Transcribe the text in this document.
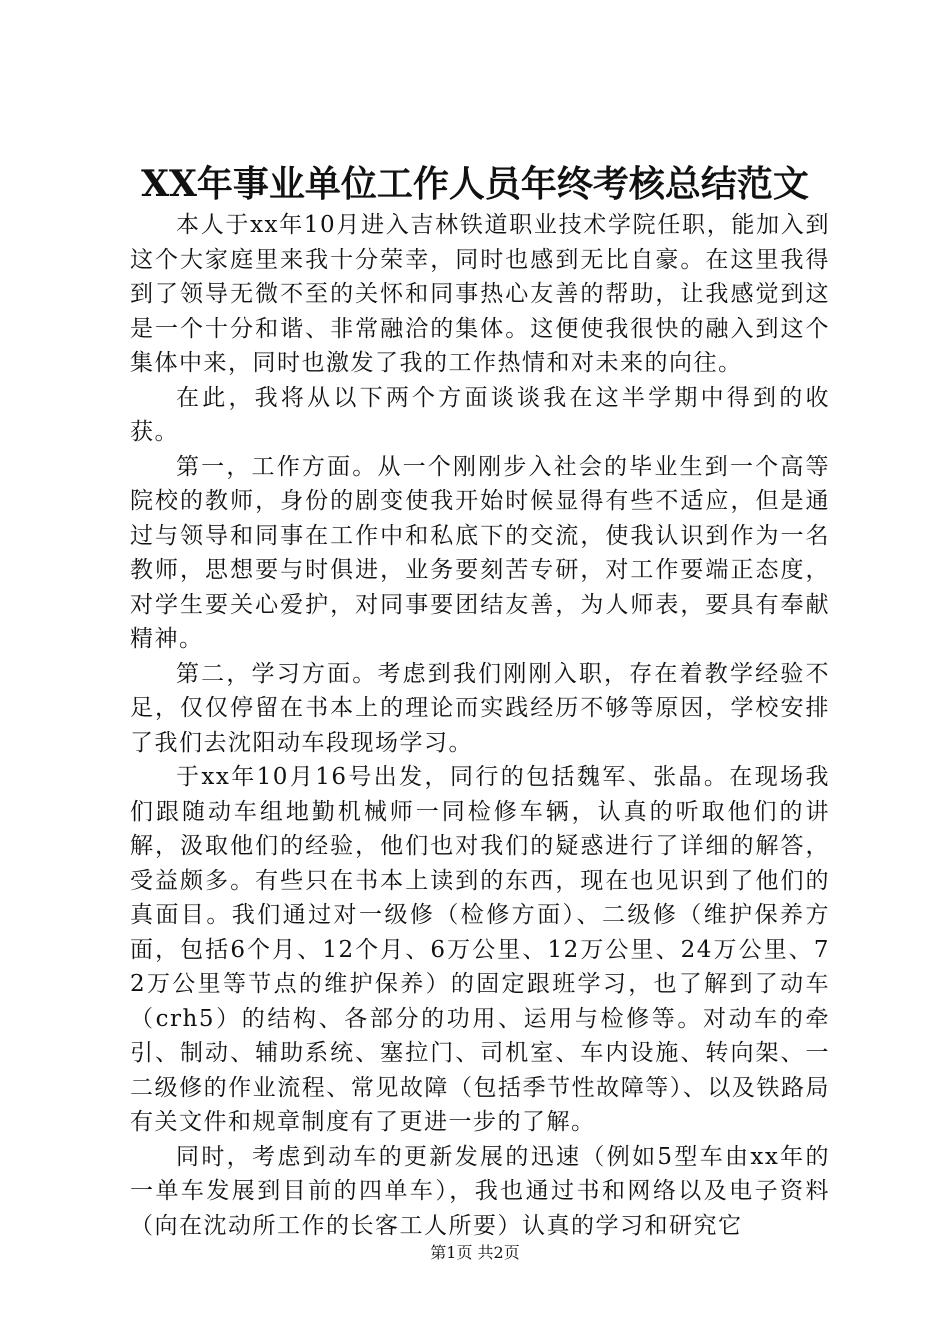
XX年事业单位工作人员年终考核总结范文

本人于xx年10月进入吉林铁道职业技术学院任职，能加入到这个大家庭里来我十分荣幸，同时也感到无比自豪。在这里我得到了领导无微不至的关怀和同事热心友善的帮助，让我感觉到这是一个十分和谐、非常融洽的集体。这便使我很快的融入到这个集体中来，同时也激发了我的工作热情和对未来的向往。

在此，我将从以下两个方面谈谈我在这半学期中得到的收获。

第一，工作方面。从一个刚刚步入社会的毕业生到一个高等院校的教师，身份的剧变使我开始时候显得有些不适应，但是通过与领导和同事在工作中和私底下的交流，使我认识到作为一名教师，思想要与时俱进，业务要刻苦专研，对工作要端正态度，对学生要关心爱护，对同事要团结友善，为人师表，要具有奉献精神。

第二，学习方面。考虑到我们刚刚入职，存在着教学经验不足，仅仅停留在书本上的理论而实践经历不够等原因，学校安排了我们去沈阳动车段现场学习。

于xx年10月16号出发，同行的包括魏军、张晶。在现场我们跟随动车组地勤机械师一同检修车辆，认真的听取他们的讲解，汲取他们的经验，他们也对我们的疑惑进行了详细的解答，受益颇多。有些只在书本上读到的东西，现在也见识到了他们的真面目。我们通过对一级修（检修方面）、二级修（维护保养方面，包括6个月、12个月、6万公里、12万公里、24万公里、72万公里等节点的维护保养）的固定跟班学习，也了解到了动车（crh5）的结构、各部分的功用、运用与检修等。对动车的牵引、制动、辅助系统、塞拉门、司机室、车内设施、转向架、一二级修的作业流程、常见故障（包括季节性故障等）、以及铁路局有关文件和规章制度有了更进一步的了解。

同时，考虑到动车的更新发展的迅速（例如5型车由xx年的一单车发展到目前的四单车），我也通过书和网络以及电子资料（向在沈动所工作的长客工人所要）认真的学习和研究它

第1页 共2页
